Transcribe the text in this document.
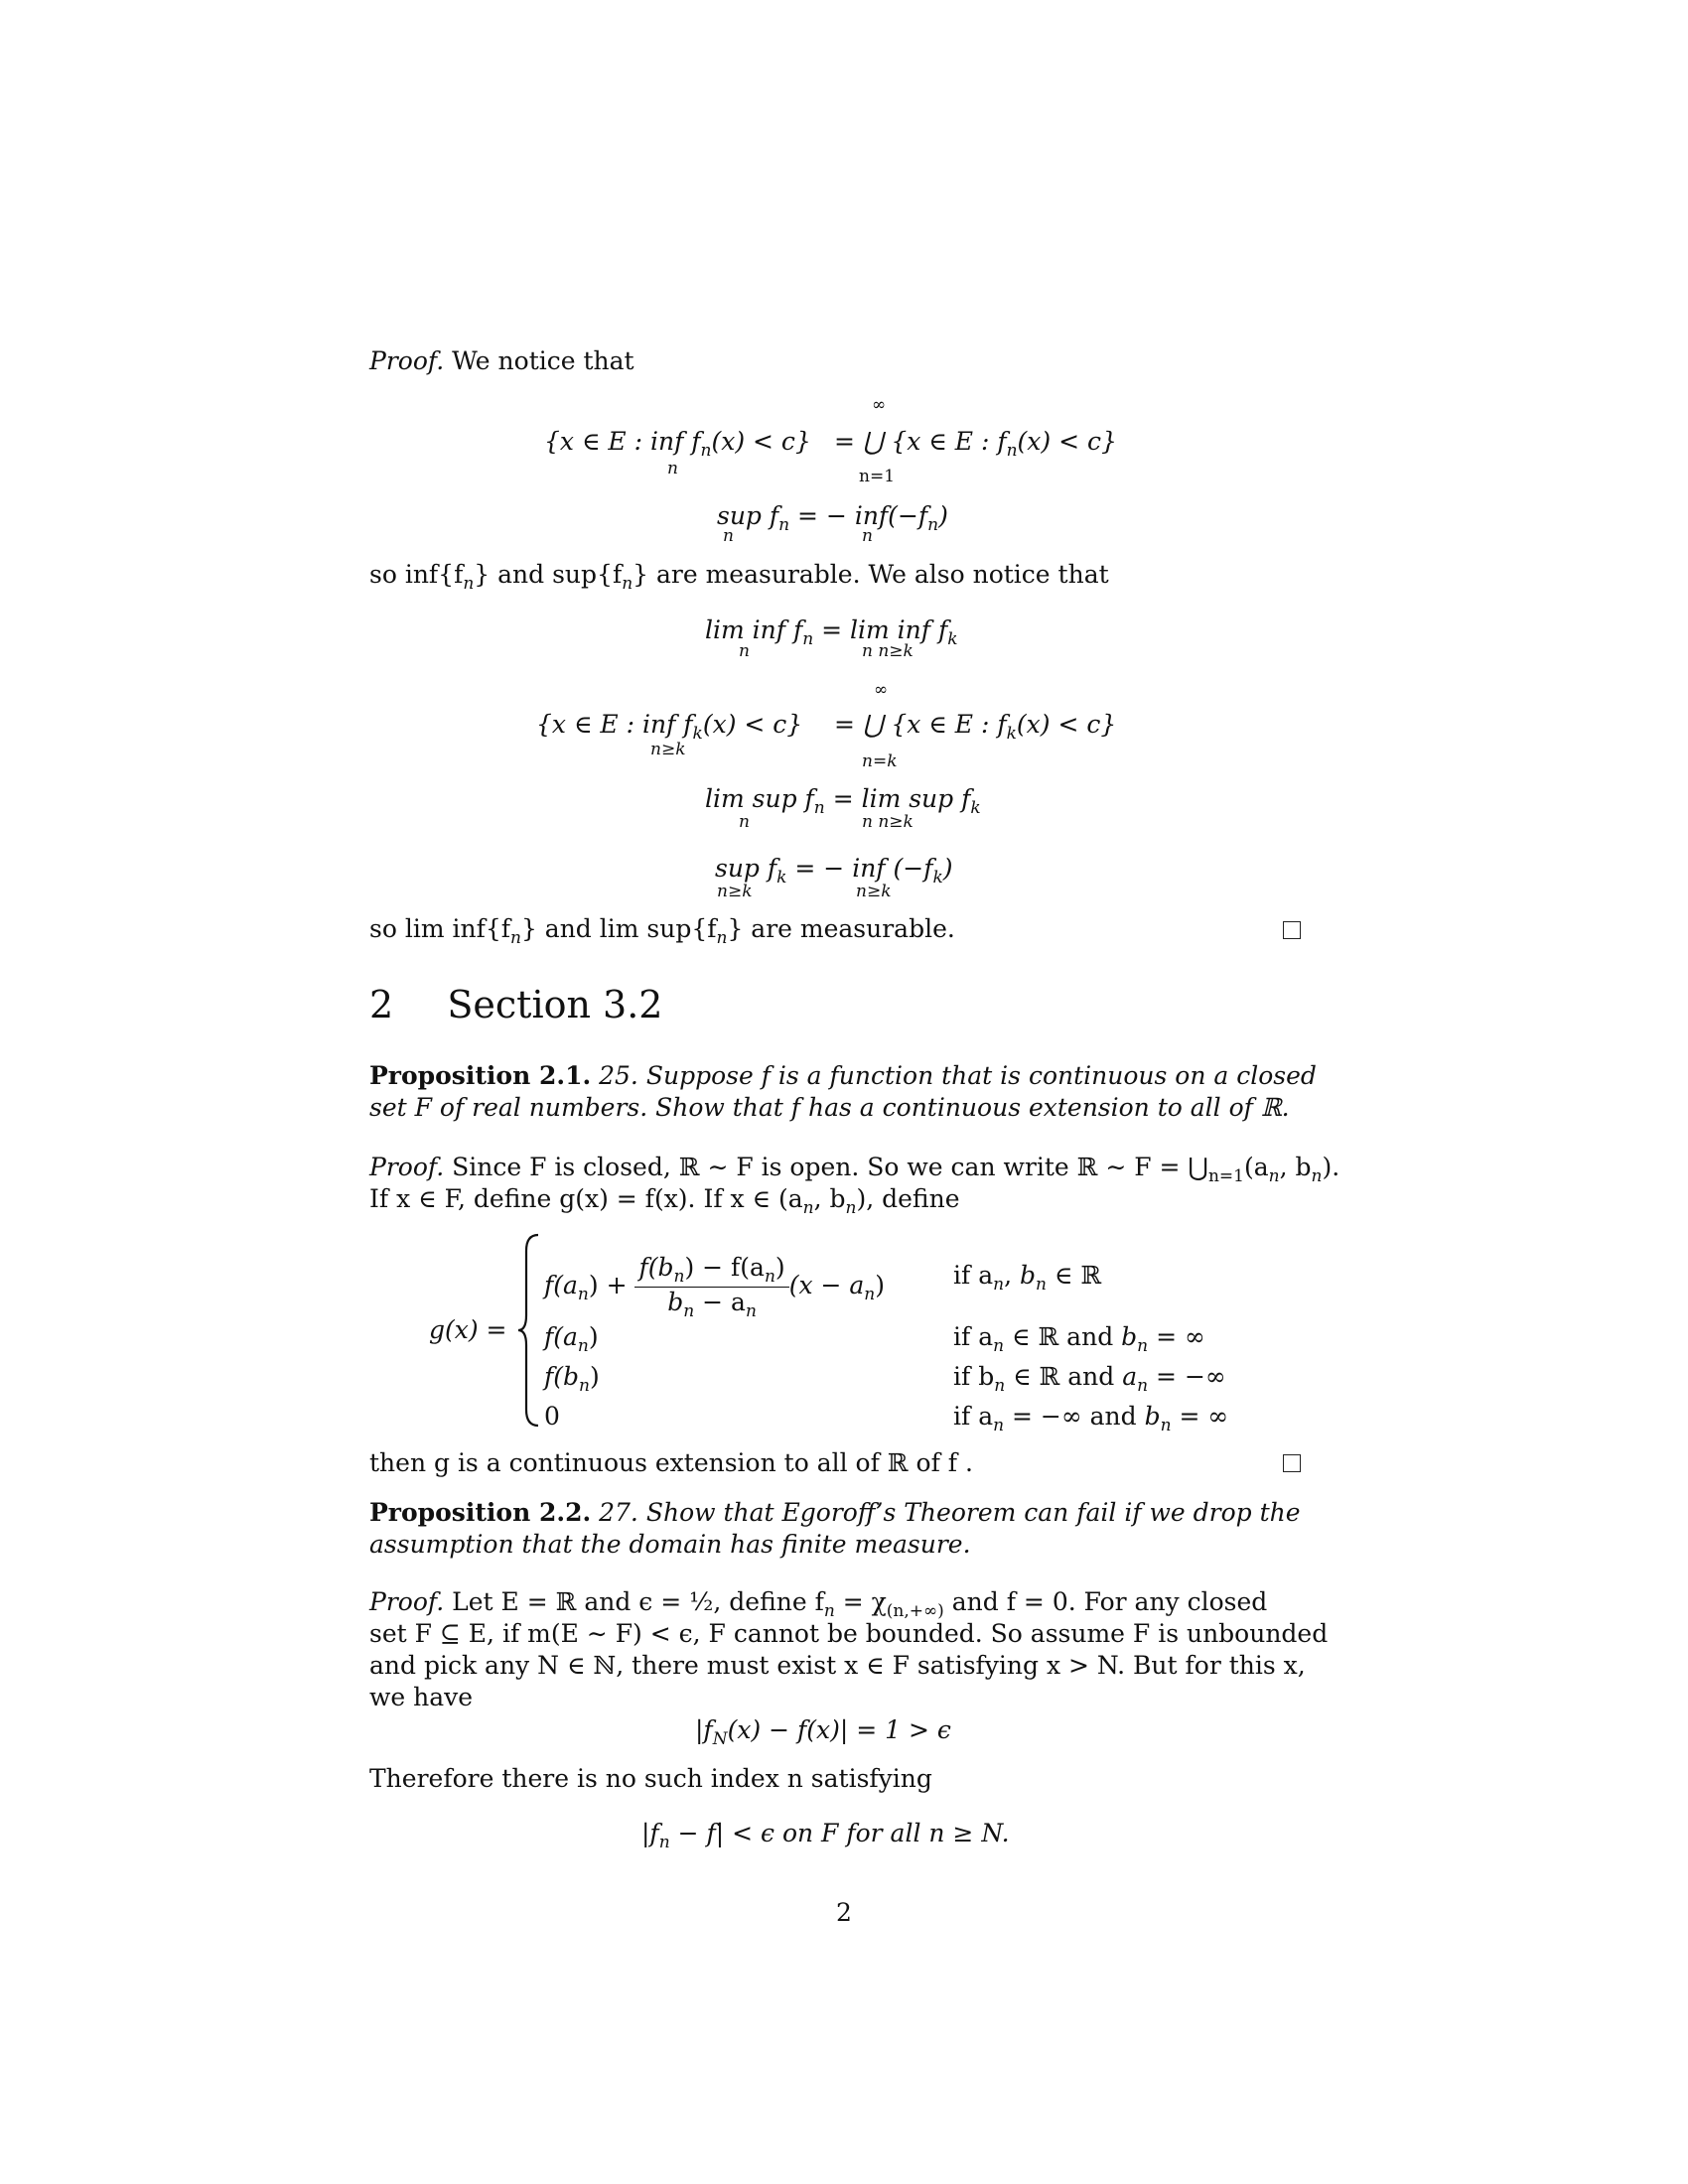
Proof. We notice that
{x ∈ E : inf $f_n(x) < c$}
n
∞
n=1
= ⋃ {x ∈ E : $f_n(x) < c$}
sup $f_n$ = − $inf(-f_n)$
n	n
so $inf\{f_n\}$ and $sup\{f_n\}$ are measurable. We also notice that
lim inf $f_n = \lim$ inf $f_k$
n	n n≥k
{x ∈ E : inf $f_k(x) < c$}
n≥k
∞
n=k
= ⋃ {x ∈ E : $f_k(x) < c$}
lim sup $f_n = \lim$ sup $f_k$
n	n n≥k
sup $f_k$ = − inf $(-f_k)$
n≥k	n≥k
so $\lim inf\{f_n\}$ and $\lim sup\{f_n\}$ are measurable.
2 Section 3.2
Proposition 2.1. 25. Suppose f is a function that is continuous on a closed
set F of real numbers. Show that f has a continuous extension to all of ℝ.
Proof. Since F is closed, ℝ ∼ F is open. So we can write ℝ ∼ $F = ⋃_{n=1}(a_n$, $b_n$).
If x ∈ F, define g(x) = f(x). If x ∈ ($a_n$, $b_n$), define
g(x) =
$f(a_n) + \frac{f(b_n) - f(a_n)}{b_n - a_n} (x - a_n)$	if $a_n$, $b_n$ ∈ ℝ
$f(a_n)$	if $a_n$ ∈ ℝ and $b_n$ = ∞
$f(b_n)$	if $b_n$ ∈ ℝ and $a_n$ = −∞
0	if $a_n$ = −∞ and $b_n$ = ∞
then g is a continuous extension to all of ℝ of f .
Proposition 2.2. 27. Show that Egoroff’s Theorem can fail if we drop the
assumption that the domain has finite measure.
Proof. Let E = ℝ and ϵ = ½, define $f_n = \chi_{(n,+\infty)}$ and f = 0. For any closed
set F ⊆ E, if m(E ∼ F) < ϵ, F cannot be bounded. So assume F is unbounded
and pick any N ∈ ℕ, there must exist x ∈ F satisfying x > N. But for this x,
we have
$|f_N(x) - f(x)| = 1 > \epsilon$
Therefore there is no such index n satisfying
$|f_n - f| < \epsilon$ on F for all n ≥ N.
2
